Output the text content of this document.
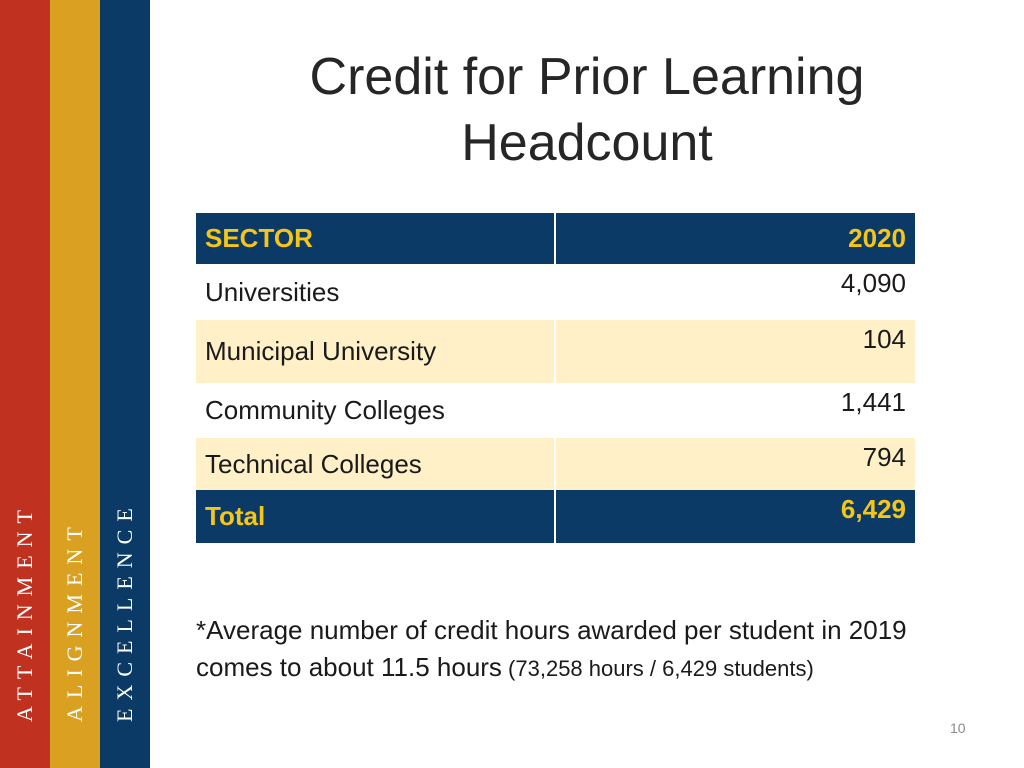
ATTAINMENT ALIGNMENT EXCELLENCE
Credit for Prior Learning
Headcount
SECTOR	2020
Universities	4,090
Municipal University	104
Community Colleges	1,441
Technical Colleges	794
Total	6,429

*Average number of credit hours awarded per student in 2019 comes to about 11.5 hours (73,258 hours / 6,429 students)

10
